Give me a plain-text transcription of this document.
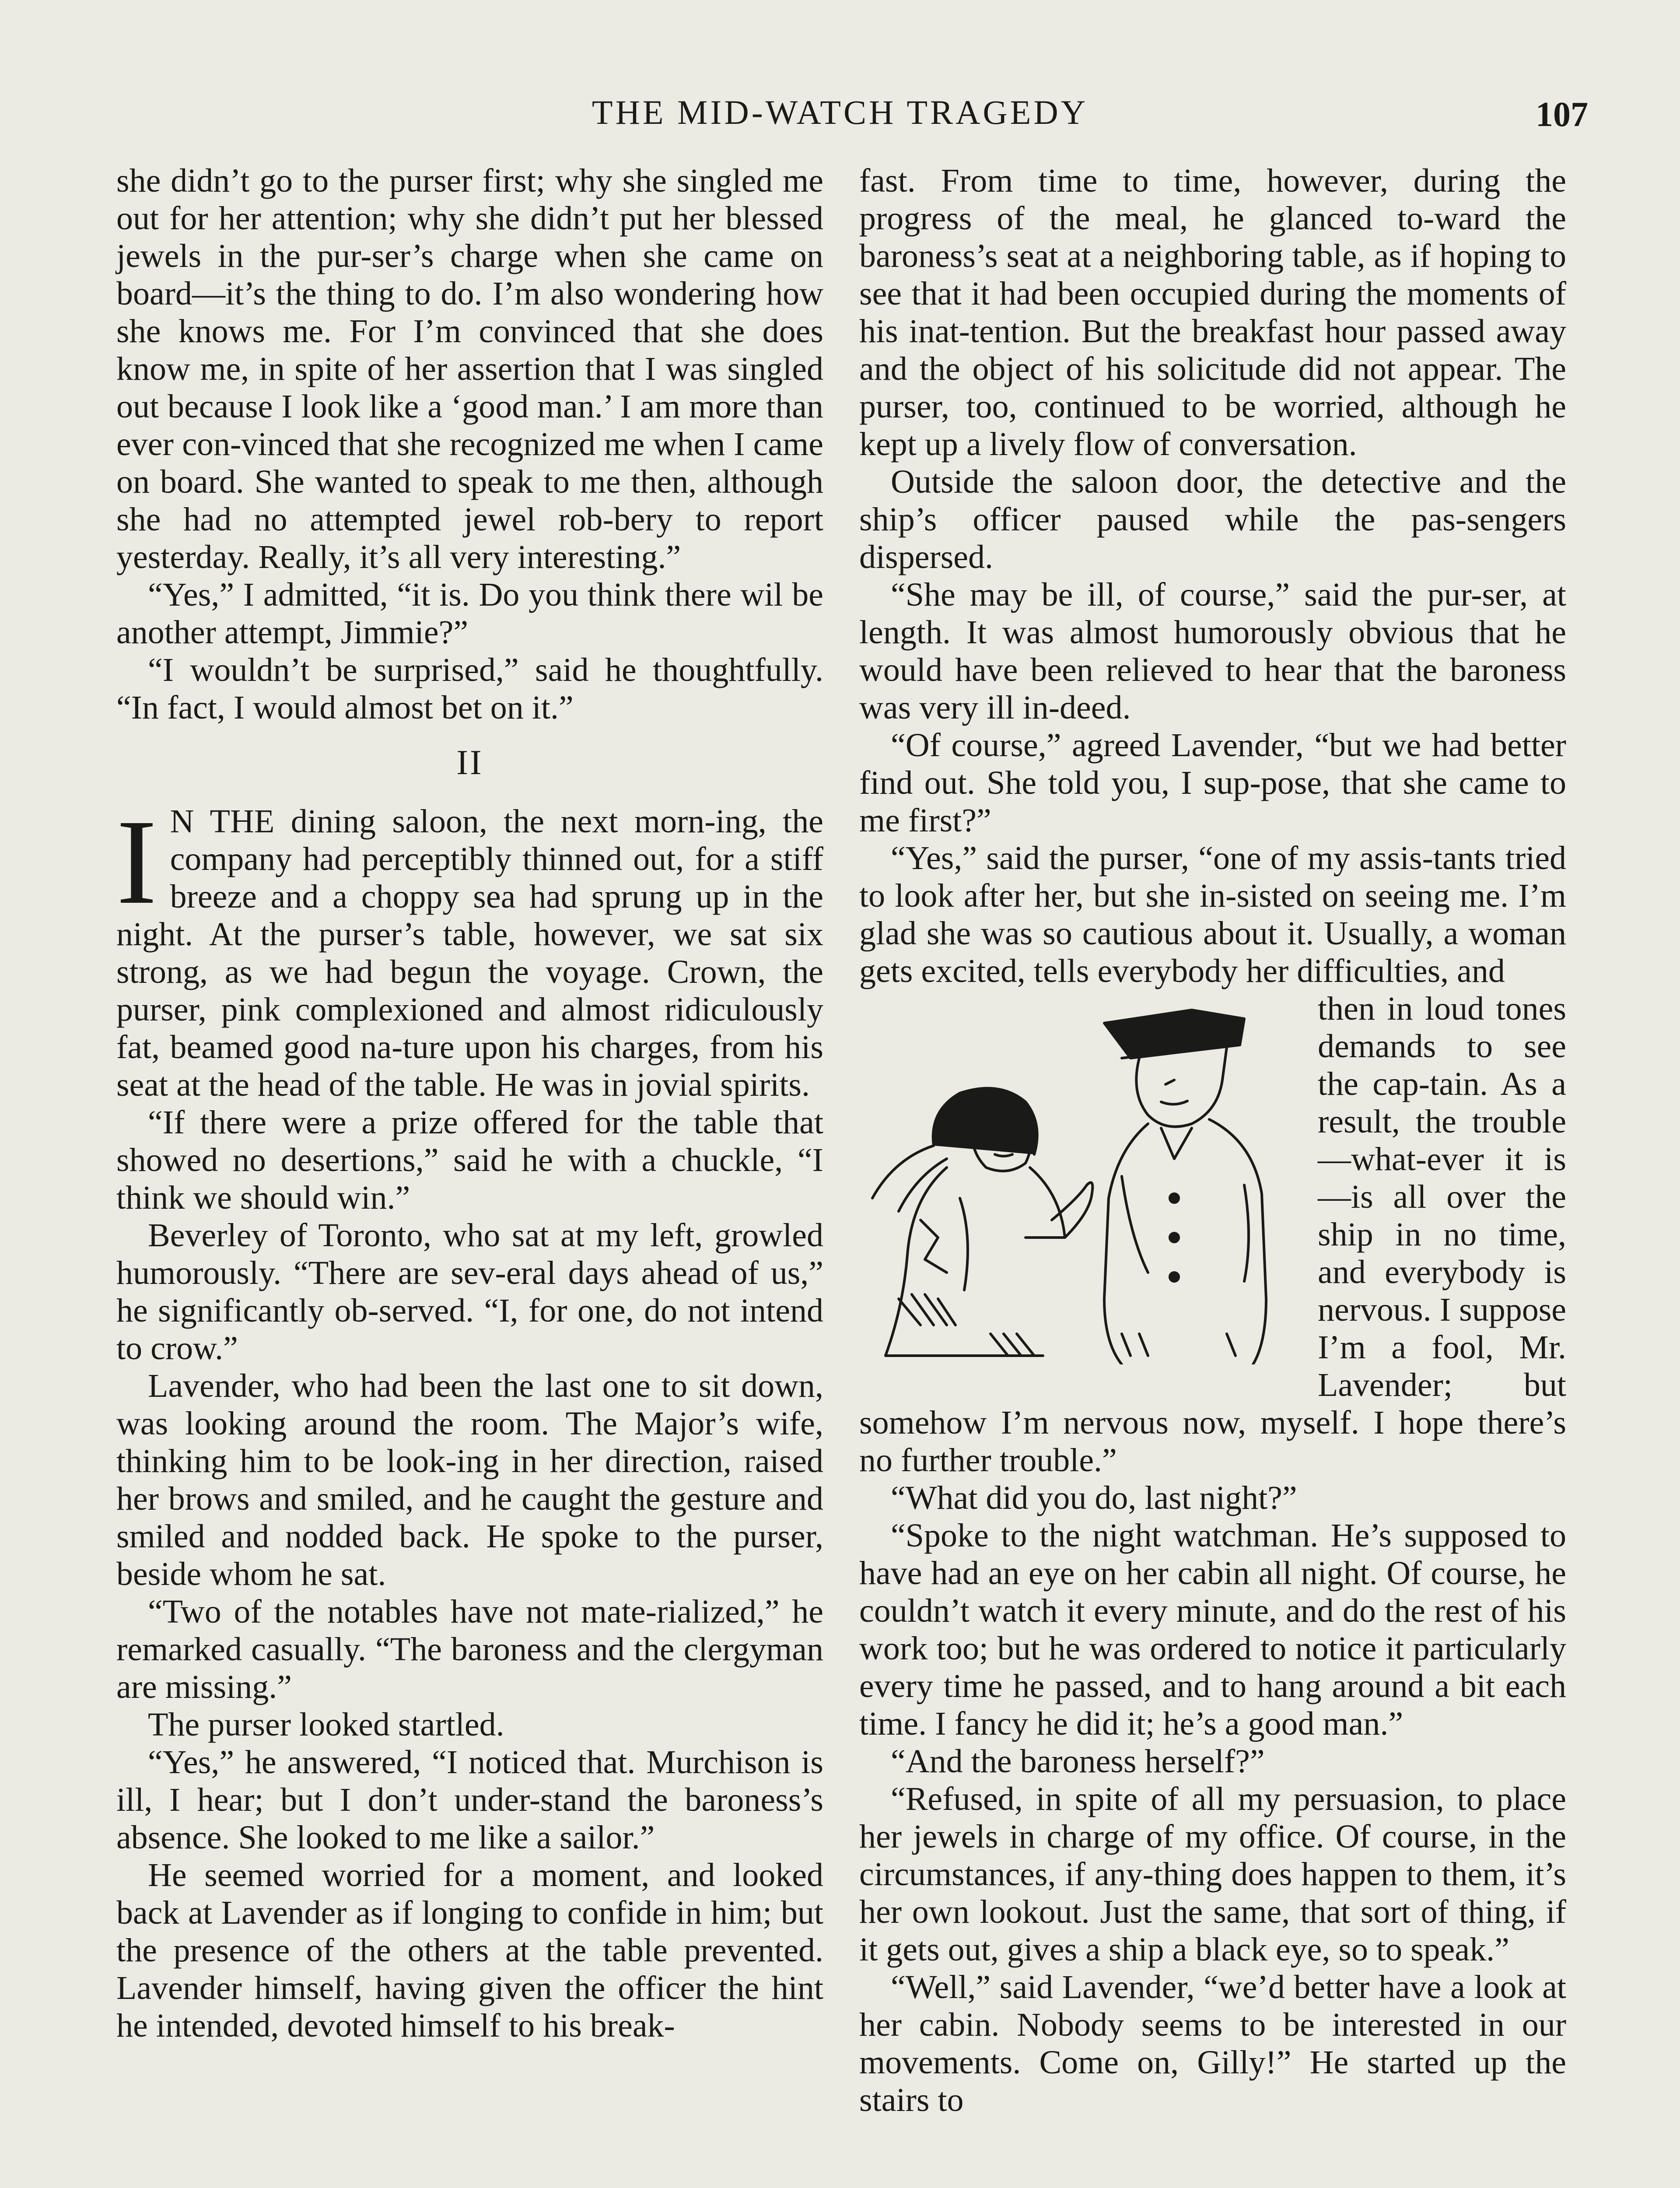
THE MID-WATCH TRAGEDY	107

she didn’t go to the purser first; why she singled me out for her attention; why she didn’t put her blessed jewels in the pur-ser’s charge when she came on board—it’s the thing to do. I’m also wondering how she knows me. For I’m convinced that she does know me, in spite of her assertion that I was singled out because I look like a ‘good man.’ I am more than ever con-vinced that she recognized me when I came on board. She wanted to speak to me then, although she had no attempted jewel rob-bery to report yesterday. Really, it’s all very interesting.”

“Yes,” I admitted, “it is. Do you think there wil be another attempt, Jimmie?”

“I wouldn’t be surprised,” said he thoughtfully. “In fact, I would almost bet on it.”

II

I N THE dining saloon, the next morn-ing, the company had perceptibly thinned out, for a stiff breeze and a choppy sea had sprung up in the night. At the purser’s table, however, we sat six strong, as we had begun the voyage. Crown, the purser, pink complexioned and almost ridiculously fat, beamed good na-ture upon his charges, from his seat at the head of the table. He was in jovial spirits.

“If there were a prize offered for the table that showed no desertions,” said he with a chuckle, “I think we should win.”

Beverley of Toronto, who sat at my left, growled humorously. “There are sev-eral days ahead of us,” he significantly ob-served. “I, for one, do not intend to crow.”

Lavender, who had been the last one to sit down, was looking around the room. The Major’s wife, thinking him to be look-ing in her direction, raised her brows and smiled, and he caught the gesture and smiled and nodded back. He spoke to the purser, beside whom he sat.

“Two of the notables have not mate-rialized,” he remarked casually. “The baroness and the clergyman are missing.”

The purser looked startled.

“Yes,” he answered, “I noticed that. Murchison is ill, I hear; but I don’t under-stand the baroness’s absence. She looked to me like a sailor.”

He seemed worried for a moment, and looked back at Lavender as if longing to confide in him; but the presence of the others at the table prevented. Lavender himself, having given the officer the hint he intended, devoted himself to his break-

fast. From time to time, however, during the progress of the meal, he glanced to-ward the baroness’s seat at a neighboring table, as if hoping to see that it had been occupied during the moments of his inat-tention. But the breakfast hour passed away and the object of his solicitude did not appear. The purser, too, continued to be worried, although he kept up a lively flow of conversation.

Outside the saloon door, the detective and the ship’s officer paused while the pas-sengers dispersed.

“She may be ill, of course,” said the pur-ser, at length. It was almost humorously obvious that he would have been relieved to hear that the baroness was very ill in-deed.

“Of course,” agreed Lavender, “but we had better find out. She told you, I sup-pose, that she came to me first?”

“Yes,” said the purser, “one of my assis-tants tried to look after her, but she in-sisted on seeing me. I’m glad she was so cautious about it. Usually, a woman gets excited, tells everybody her difficulties, and

then in loud tones demands to see the cap-tain. As a result, the trouble—what-ever it is—is all over the ship in no time, and everybody is nervous. I suppose I’m a fool, Mr. Lavender; but somehow I’m nervous now, myself. I hope there’s no further trouble.”

“What did you do, last night?”

“Spoke to the night watchman. He’s supposed to have had an eye on her cabin all night. Of course, he couldn’t watch it every minute, and do the rest of his work too; but he was ordered to notice it particularly every time he passed, and to hang around a bit each time. I fancy he did it; he’s a good man.”

“And the baroness herself?”

“Refused, in spite of all my persuasion, to place her jewels in charge of my office. Of course, in the circumstances, if any-thing does happen to them, it’s her own lookout. Just the same, that sort of thing, if it gets out, gives a ship a black eye, so to speak.”

“Well,” said Lavender, “we’d better have a look at her cabin. Nobody seems to be interested in our movements. Come on, Gilly!” He started up the stairs to
